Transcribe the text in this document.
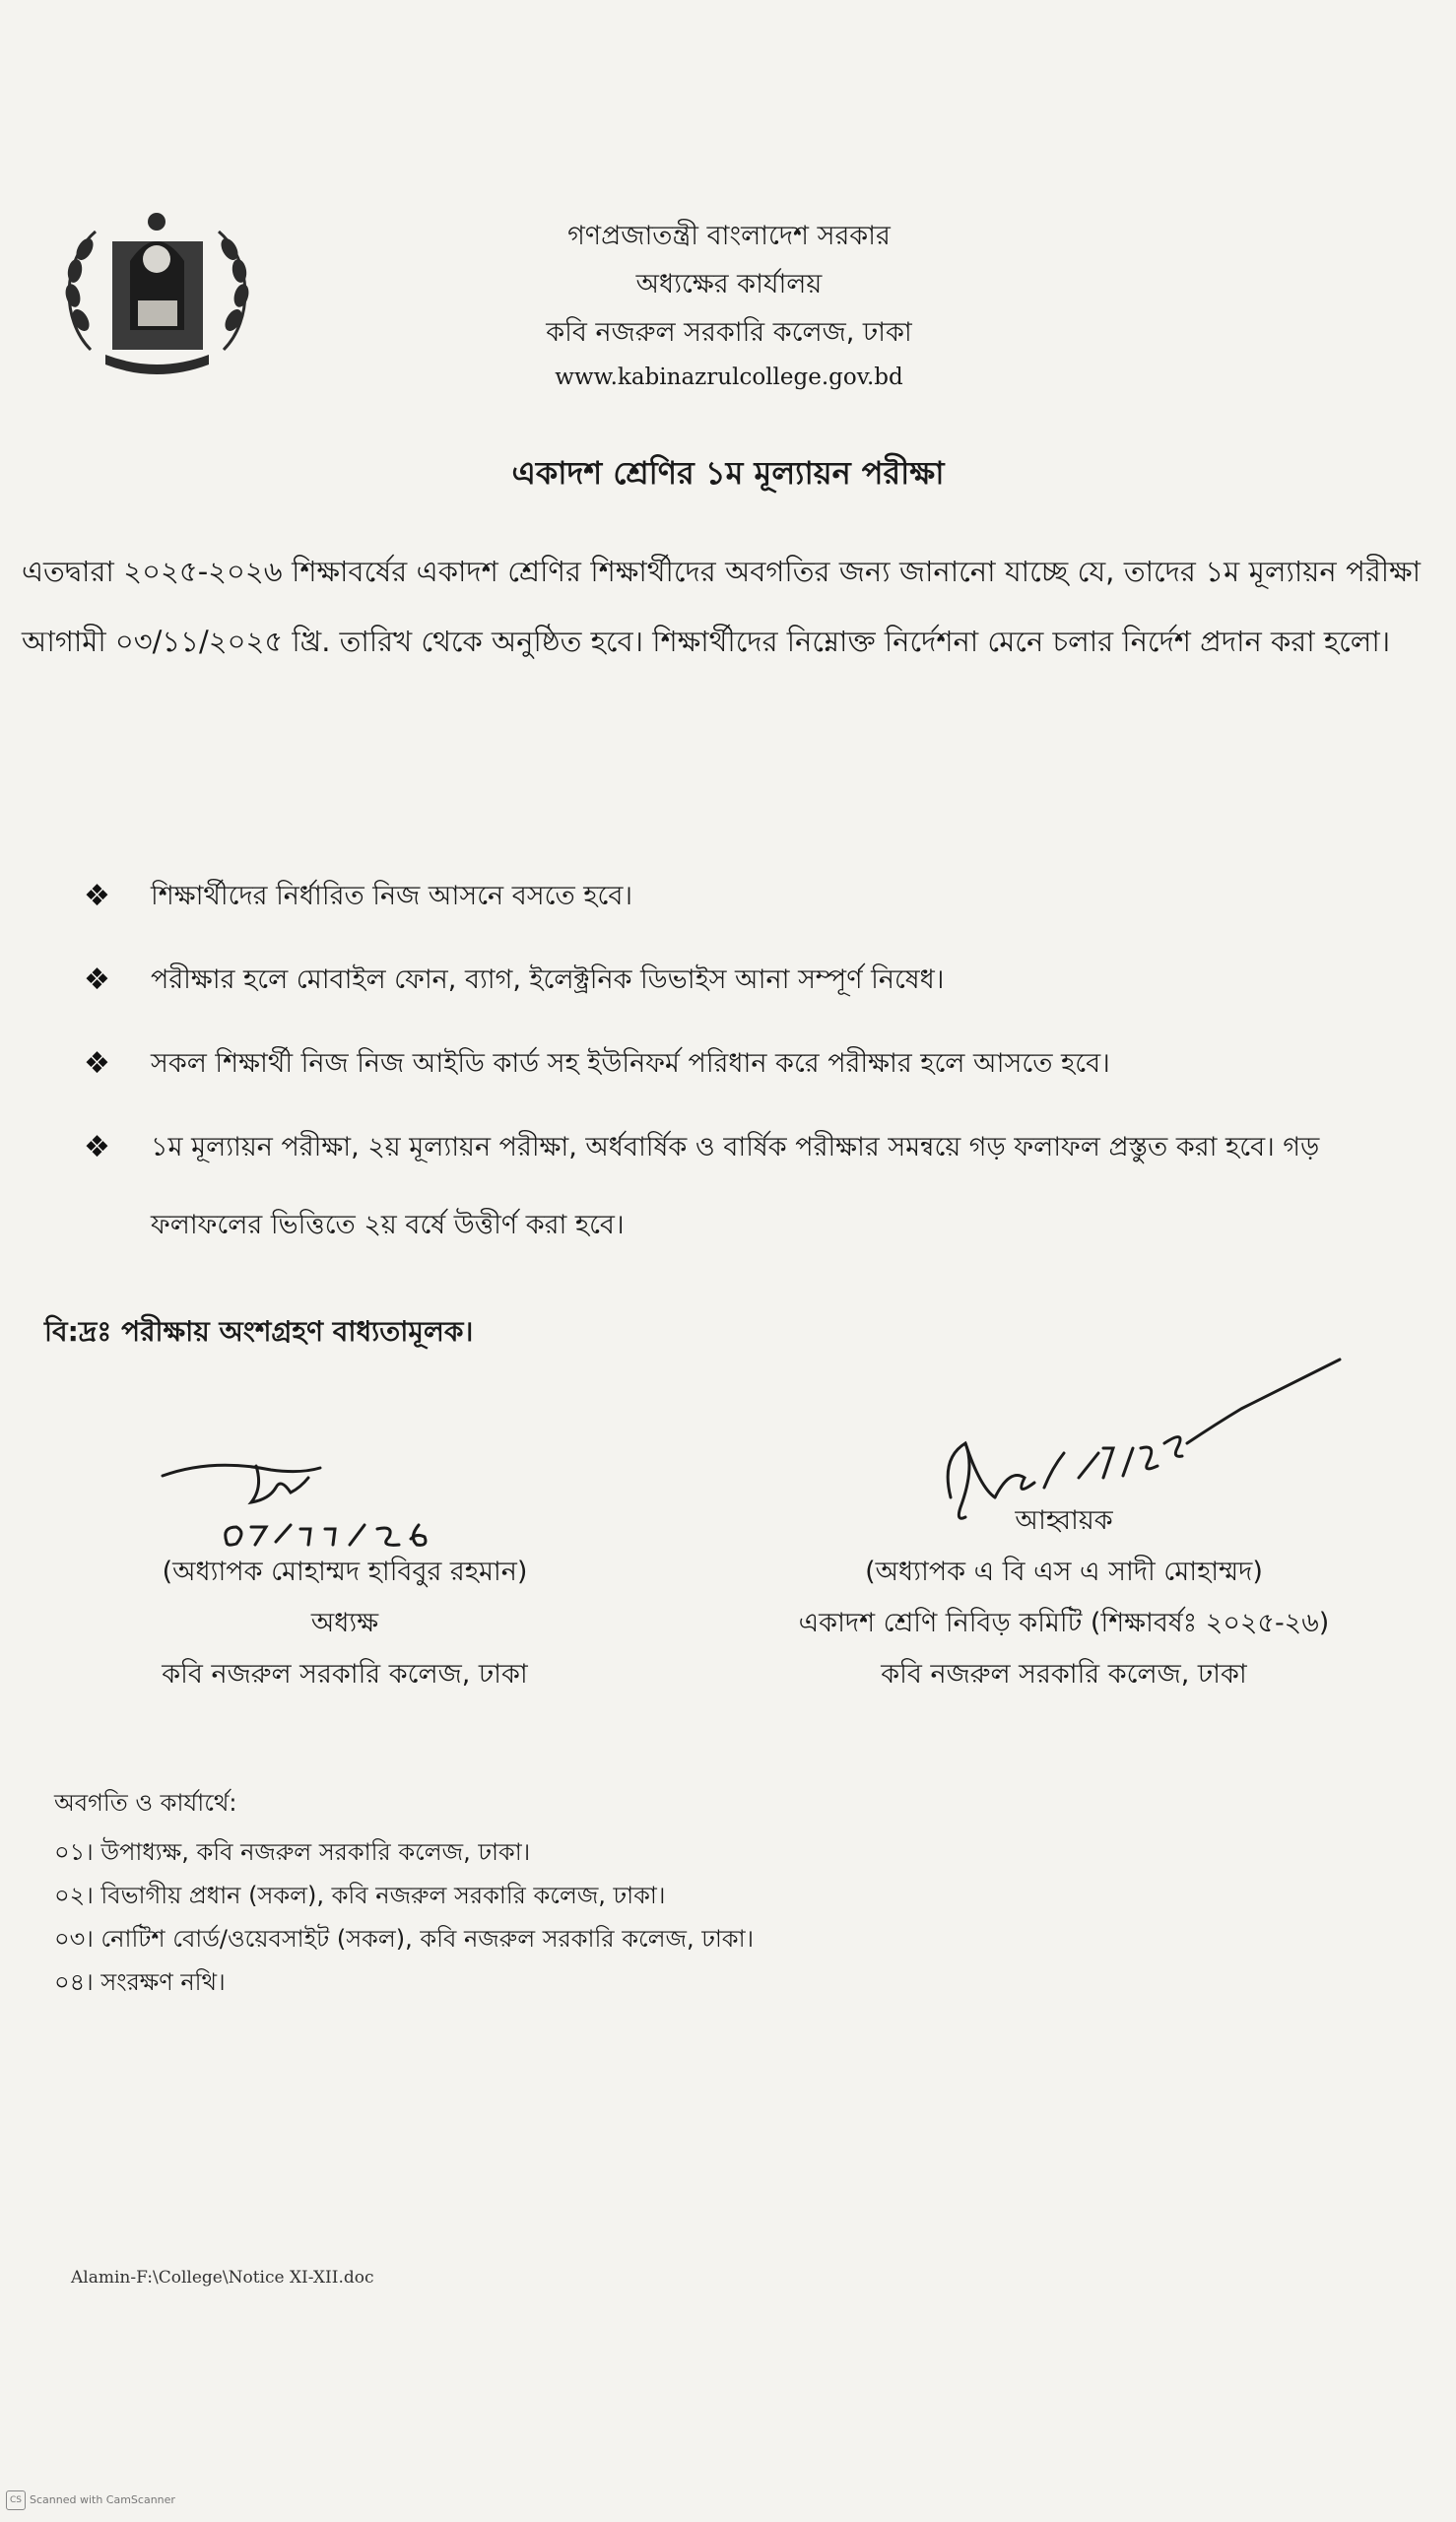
গণপ্রজাতন্ত্রী বাংলাদেশ সরকার
অধ্যক্ষের কার্যালয়
কবি নজরুল সরকারি কলেজ, ঢাকা
www.kabinazrulcollege.gov.bd
একাদশ শ্রেণির ১ম মূল্যায়ন পরীক্ষা
এতদ্বারা ২০২৫-২০২৬ শিক্ষাবর্ষের একাদশ শ্রেণির শিক্ষার্থীদের অবগতির জন্য জানানো যাচ্ছে যে, তাদের ১ম মূল্যায়ন পরীক্ষা আগামী ০৩/১১/২০২৫ খ্রি. তারিখ থেকে অনুষ্ঠিত হবে। শিক্ষার্থীদের নিম্নোক্ত নির্দেশনা মেনে চলার নির্দেশ প্রদান করা হলো।
❖ শিক্ষার্থীদের নির্ধারিত নিজ আসনে বসতে হবে।
❖ পরীক্ষার হলে মোবাইল ফোন, ব্যাগ, ইলেক্ট্রনিক ডিভাইস আনা সম্পূর্ণ নিষেধ।
❖ সকল শিক্ষার্থী নিজ নিজ আইডি কার্ড সহ ইউনিফর্ম পরিধান করে পরীক্ষার হলে আসতে হবে।
❖ ১ম মূল্যায়ন পরীক্ষা, ২য় মূল্যায়ন পরীক্ষা, অর্ধবার্ষিক ও বার্ষিক পরীক্ষার সমন্বয়ে গড় ফলাফল প্রস্তুত করা হবে। গড় ফলাফলের ভিত্তিতে ২য় বর্ষে উত্তীর্ণ করা হবে।
বি:দ্রঃ পরীক্ষায় অংশগ্রহণ বাধ্যতামূলক।
(অধ্যাপক মোহাম্মদ হাবিবুর রহমান)
অধ্যক্ষ
কবি নজরুল সরকারি কলেজ, ঢাকা
আহ্বায়ক
(অধ্যাপক এ বি এস এ সাদী মোহাম্মদ)
একাদশ শ্রেণি নিবিড় কমিটি (শিক্ষাবর্ষঃ ২০২৫-২৬)
কবি নজরুল সরকারি কলেজ, ঢাকা
অবগতি ও কার্যার্থে:
০১। উপাধ্যক্ষ, কবি নজরুল সরকারি কলেজ, ঢাকা।
০২। বিভাগীয় প্রধান (সকল), কবি নজরুল সরকারি কলেজ, ঢাকা।
০৩। নোটিশ বোর্ড/ওয়েবসাইট (সকল), কবি নজরুল সরকারি কলেজ, ঢাকা।
০৪। সংরক্ষণ নথি।
Alamin-F:\College\Notice XI-XII.doc
CS Scanned with CamScanner
